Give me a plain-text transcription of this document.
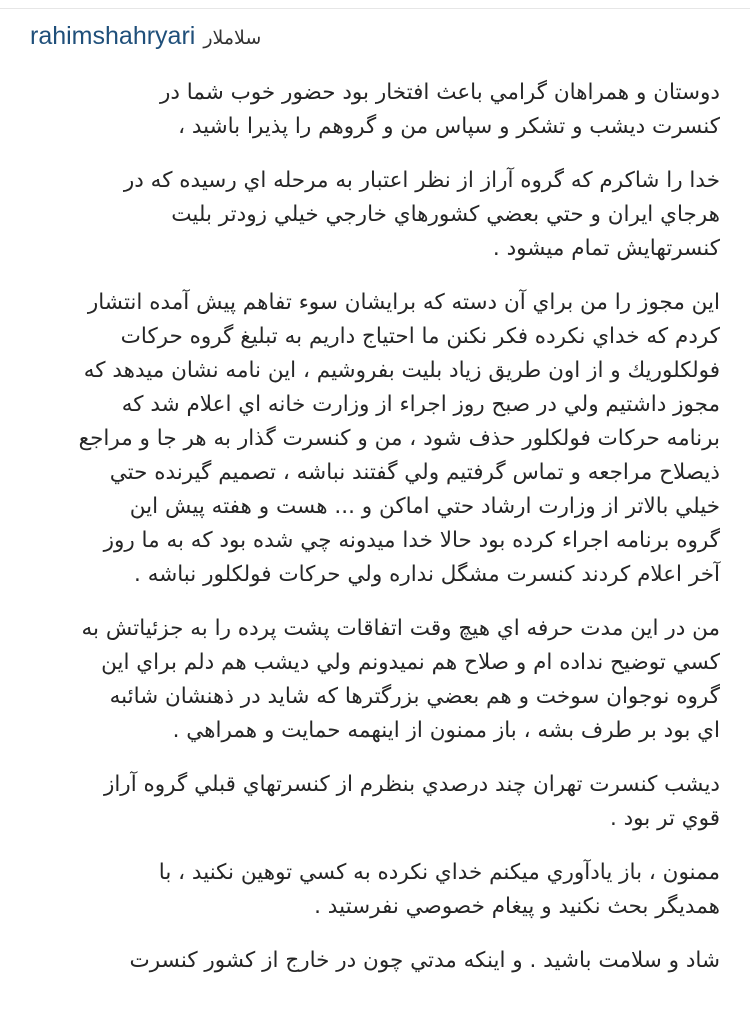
rahimshahryari سلاملار
دوستان و همراهان گرامي باعث افتخار بود حضور خوب شما در
کنسرت ديشب و تشکر و سپاس من و گروهم را پذيرا باشيد ،
خدا را شاکرم که گروه آراز از نظر اعتبار به مرحله اي رسيده که در
هرجاي ايران و حتي بعضي کشورهاي خارجي خيلي زودتر بليت
کنسرتهايش تمام ميشود .
اين مجوز را من براي آن دسته که برايشان سوء تفاهم پيش آمده انتشار
کردم که خداي نکرده فکر نکنن ما احتياج داريم به تبليغ گروه حرکات
فولکلوريك و از اون طريق زياد بليت بفروشيم ، اين نامه نشان ميدهد که
مجوز داشتيم ولي در صبح روز اجراء از وزارت خانه اي اعلام شد که
برنامه حرکات فولکلور حذف شود ، من و کنسرت گذار به هر جا و مراجع
ذيصلاح مراجعه و تماس گرفتيم ولي گفتند نباشه ، تصميم گيرنده حتي
خيلي بالاتر از وزارت ارشاد حتي اماکن و ... هست و هفته پيش اين
گروه برنامه اجراء کرده بود حالا خدا ميدونه چي شده بود که به ما روز
آخر اعلام کردند کنسرت مشگل نداره ولي حرکات فولکلور نباشه .
من در اين مدت حرفه اي هيچ وقت اتفاقات پشت پرده را به جزئياتش به
کسي توضيح نداده ام و صلاح هم نميدونم ولي ديشب هم دلم براي اين
گروه نوجوان سوخت و هم بعضي بزرگترها که شايد در ذهنشان شائبه
اي بود بر طرف بشه ، باز ممنون از اينهمه حمايت و همراهي .
ديشب کنسرت تهران چند درصدي بنظرم از کنسرتهاي قبلي گروه آراز
قوي تر بود .
ممنون ، باز يادآوري ميکنم خداي نکرده به کسي توهين نکنيد ، با
همديگر بحث نکنيد و پيغام خصوصي نفرستيد .
شاد و سلامت باشيد . و اينکه مدتي چون در خارج از کشور کنسرت
